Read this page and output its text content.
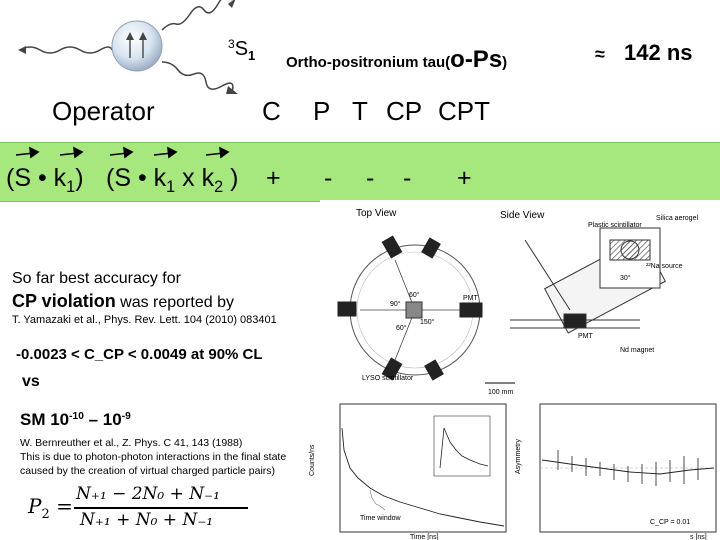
$^3S_1$ Ortho-positronium tau(o-Ps)	≈ 142 ns
Operator	C P T CP CPT
(S • $k_1$) (S • $k_1$ x $k_2$ ) + - - - +
So far best accuracy for
CP violation was reported by
T. Yamazaki et al., Phys. Rev. Lett. 104 (2010) 083401
-0.0023 < C_CP < 0.0049 at 90% CL
vs
SM $10^{-10} - 10^{-9}$
W. Bernreuther et al., Z. Phys. C 41, 143 (1988)
This is due to photon-photon interactions in the final state
caused by the creation of virtual charged particle pairs)
$P_2 = N_{+1} - 2N_0 + N_{-1}$
N₊₁ + N₀ + N₋₁
Top View	Side View
60°
90°
150°
60°
PMT
LYSO scintillator
100 mm
Plastic scintillator
Silica aerogel
²²Na source
30°
PMT
Nd magnet
Counts/ns
Time window
Time [ns]
Asymmetry
C_CP = 0.01
s [ns]
